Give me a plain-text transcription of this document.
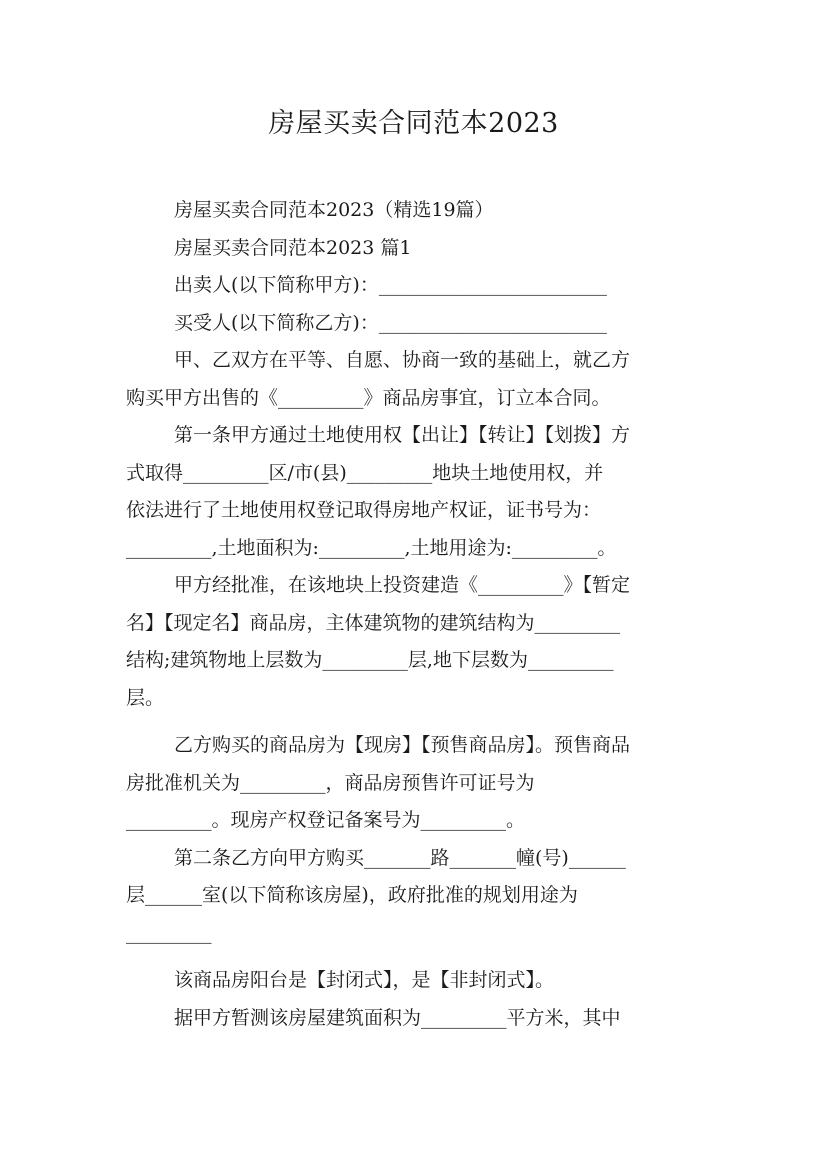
房屋买卖合同范本2023
房屋买卖合同范本2023（精选19篇）
房屋买卖合同范本2023 篇1
出卖人(以下简称甲方)：________________________
买受人(以下简称乙方)：________________________
甲、乙双方在平等、自愿、协商一致的基础上，就乙方
购买甲方出售的《_________》商品房事宜，订立本合同。
第一条甲方通过土地使用权【出让】【转让】【划拨】方
式取得_________区/市(县)_________地块土地使用权，并
依法进行了土地使用权登记取得房地产权证，证书号为：
_________,土地面积为:_________,土地用途为:_________。
甲方经批准，在该地块上投资建造《_________》【暂定
名】【现定名】商品房，主体建筑物的建筑结构为_________
结构;建筑物地上层数为_________层,地下层数为_________
层。
乙方购买的商品房为【现房】【预售商品房】。预售商品
房批准机关为_________，商品房预售许可证号为
_________。现房产权登记备案号为_________。
第二条乙方向甲方购买_______路_______幢(号)______
层______室(以下简称该房屋)，政府批准的规划用途为
_________
该商品房阳台是【封闭式】，是【非封闭式】。
据甲方暂测该房屋建筑面积为_________平方米，其中
